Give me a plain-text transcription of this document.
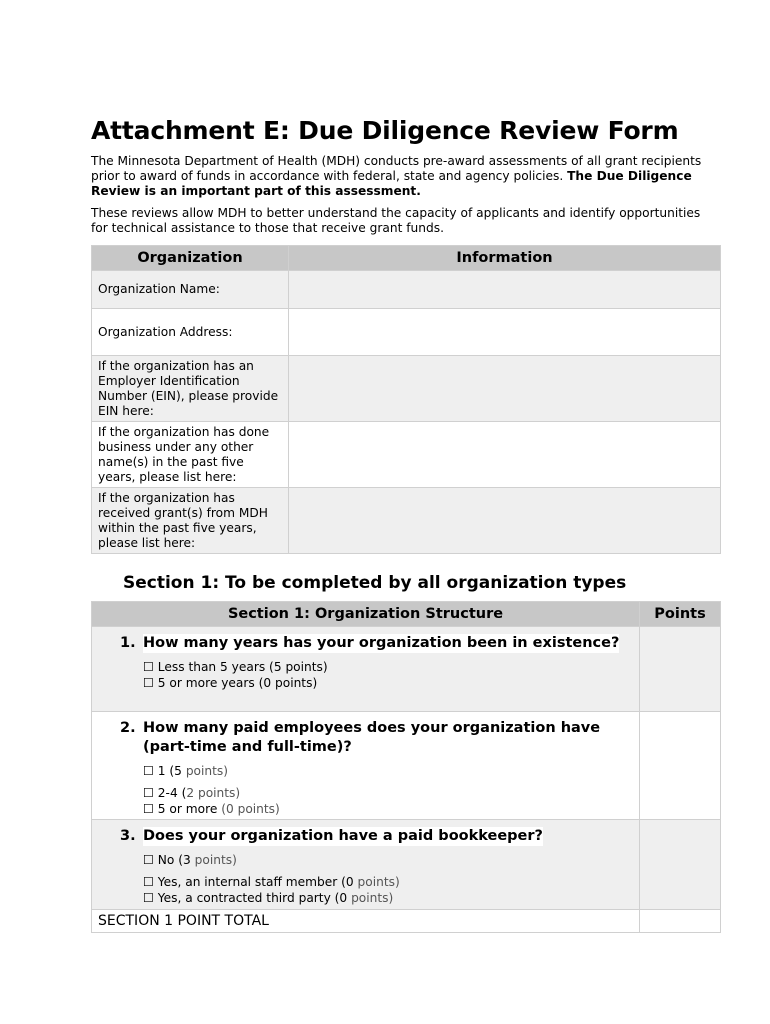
Attachment E: Due Diligence Review Form

The Minnesota Department of Health (MDH) conducts pre-award assessments of all grant recipients prior to award of funds in accordance with federal, state and agency policies. The Due Diligence Review is an important part of this assessment.

These reviews allow MDH to better understand the capacity of applicants and identify opportunities for technical assistance to those that receive grant funds.

Organization	Information
Organization Name:	
Organization Address:	
If the organization has an Employer Identification Number (EIN), please provide EIN here:	
If the organization has done business under any other name(s) in the past five years, please list here:	
If the organization has received grant(s) from MDH within the past five years, please list here:	
Section 1: To be completed by all organization types
Section 1: Organization Structure	Points

1. How many years has your organization been in existence?
☐ Less than 5 years (5 points)
☐ 5 or more years (0 points)	

2. How many paid employees does your organization have (part-time and full-time)?
☐ 1 (5 points)
☐ 2-4 (2 points)
☐ 5 or more (0 points)	

3. Does your organization have a paid bookkeeper?
☐ No (3 points)
☐ Yes, an internal staff member (0 points)
☐ Yes, a contracted third party (0 points)	

SECTION 1 POINT TOTAL	
